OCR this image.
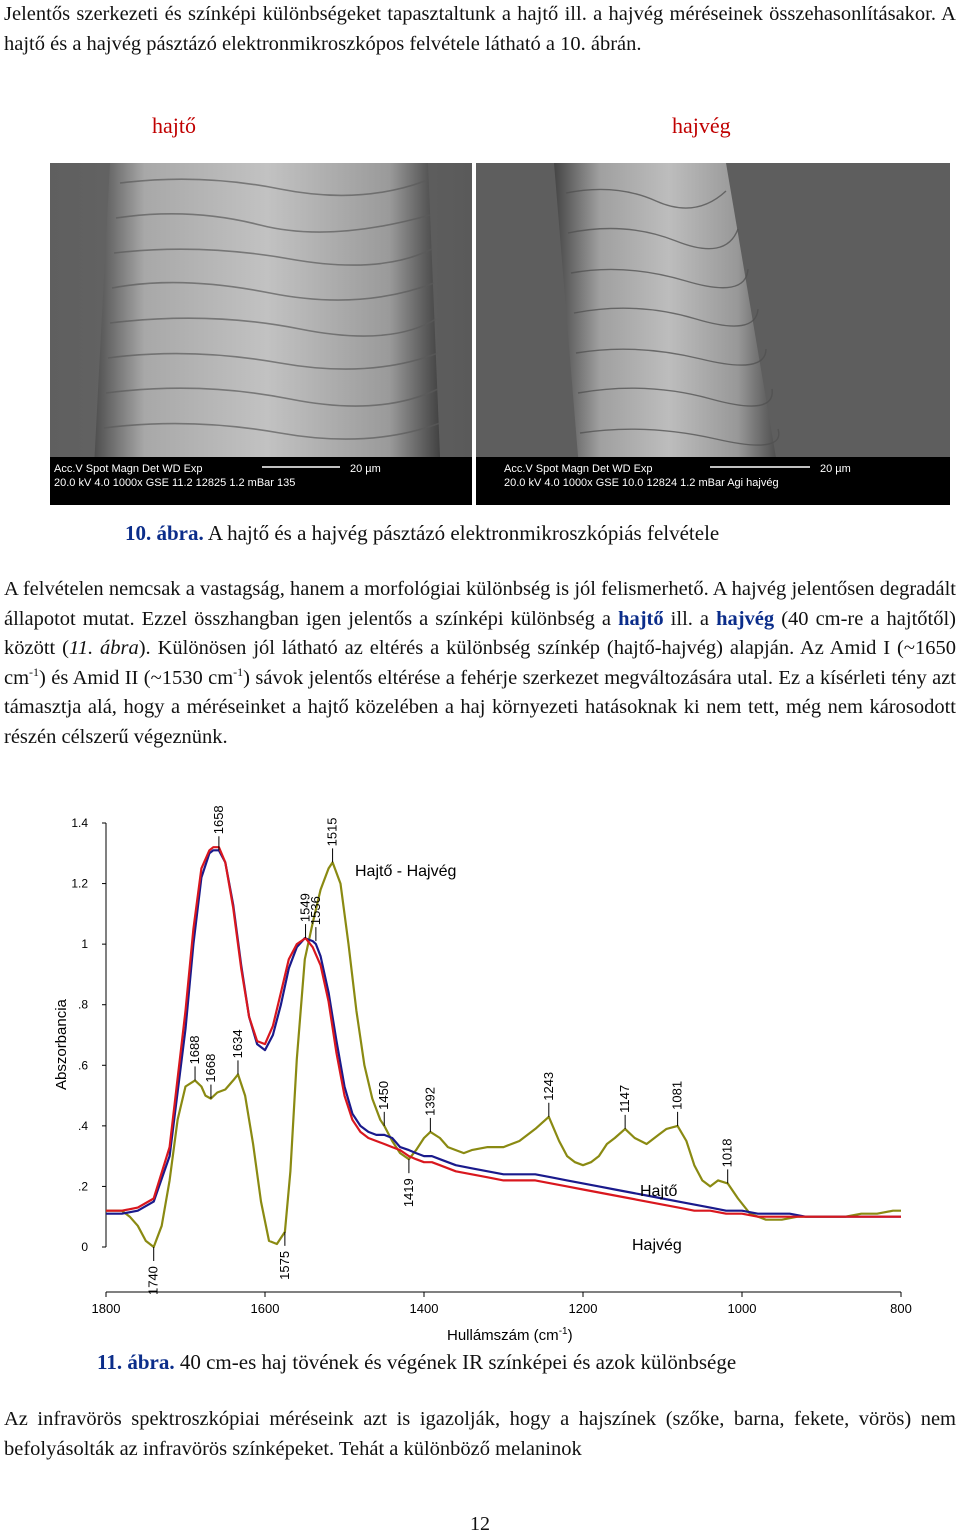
Jelentős szerkezeti és színképi különbségeket tapasztaltunk a hajtő ill. a hajvég méréseinek összehasonlításakor. A hajtő és a hajvég pásztázó elektronmikroszkópos felvétele látható a 10. ábrán.

hajtő	hajvég
Acc.V Spot Magn Det WD Exp
20.0 kV 4.0 1000x GSE 11.2 12825 1.2 mBar 135
20 µm	Acc.V Spot Magn Det WD Exp
20.0 kV 4.0 1000x GSE 10.0 12824 1.2 mBar Agi hajvég
20 µm
10. ábra. A hajtő és a hajvég pásztázó elektronmikroszkópiás felvétele

A felvételen nemcsak a vastagság, hanem a morfológiai különbség is jól felismerhető. A hajvég jelentősen degradált állapotot mutat. Ezzel összhangban igen jelentős a színképi különbség a hajtő ill. a hajvég (40 cm-re a hajtőtől) között (11. ábra). Különösen jól látható az eltérés a különbség színkép (hajtő-hajvég) alapján. Az Amid I (~1650 $cm^{-1}$) és Amid II (~1530 $cm^{-1}$) sávok jelentős eltérése a fehérje szerkezet megváltozására utal. Ez a kísérleti tény azt támasztja alá, hogy a méréseinket a hajtő közelében a haj környezeti hatásoknak ki nem tett, még nem károsodott részén célszerű végeznünk.

0
.2
.4
.6
.8
1
1.2
1.4
1800	1600	1400	1200	1000	800
Abszorbancia
Hullámszám $(cm^{-1})$
1740
1688
1668
1658
1634
1575
1549
1536
1515
1450
1419
1392
1243	1147	1081
1018
Hajtő - Hajvég
Hajtő
Hajvég
11. ábra. 40 cm-es haj tövének és végének IR színképei és azok különbsége

Az infravörös spektroszkópiai méréseink azt is igazolják, hogy a hajszínek (szőke, barna, fekete, vörös) nem befolyásolták az infravörös színképeket. Tehát a különböző melaninok

12
